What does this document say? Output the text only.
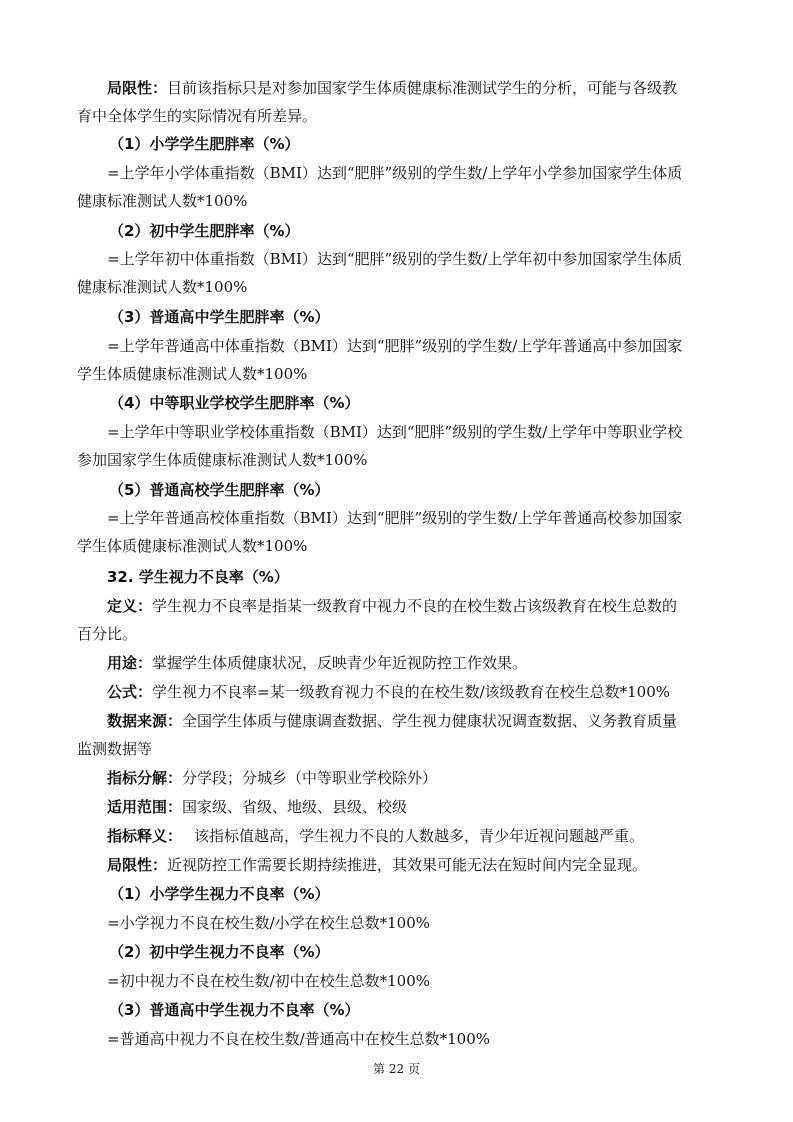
局限性：目前该指标只是对参加国家学生体质健康标准测试学生的分析，可能与各级教
育中全体学生的实际情况有所差异。
（1）小学学生肥胖率（%）
=上学年小学体重指数（BMI）达到“肥胖”级别的学生数/上学年小学参加国家学生体质
健康标准测试人数*100%
（2）初中学生肥胖率（%）
=上学年初中体重指数（BMI）达到“肥胖”级别的学生数/上学年初中参加国家学生体质
健康标准测试人数*100%
（3）普通高中学生肥胖率（%）
=上学年普通高中体重指数（BMI）达到“肥胖”级别的学生数/上学年普通高中参加国家
学生体质健康标准测试人数*100%
（4）中等职业学校学生肥胖率（%）
=上学年中等职业学校体重指数（BMI）达到“肥胖”级别的学生数/上学年中等职业学校
参加国家学生体质健康标准测试人数*100%
（5）普通高校学生肥胖率（%）
=上学年普通高校体重指数（BMI）达到“肥胖”级别的学生数/上学年普通高校参加国家
学生体质健康标准测试人数*100%
32. 学生视力不良率（%）
定义：学生视力不良率是指某一级教育中视力不良的在校生数占该级教育在校生总数的
百分比。
用途：掌握学生体质健康状况，反映青少年近视防控工作效果。
公式：学生视力不良率=某一级教育视力不良的在校生数/该级教育在校生总数*100%
数据来源：全国学生体质与健康调查数据、学生视力健康状况调查数据、义务教育质量
监测数据等
指标分解：分学段；分城乡（中等职业学校除外）
适用范围：国家级、省级、地级、县级、校级
指标释义： 该指标值越高，学生视力不良的人数越多，青少年近视问题越严重。
局限性：近视防控工作需要长期持续推进，其效果可能无法在短时间内完全显现。
（1）小学学生视力不良率（%）
=小学视力不良在校生数/小学在校生总数*100%
（2）初中学生视力不良率（%）
=初中视力不良在校生数/初中在校生总数*100%
（3）普通高中学生视力不良率（%）
=普通高中视力不良在校生数/普通高中在校生总数*100%
第 22 页
